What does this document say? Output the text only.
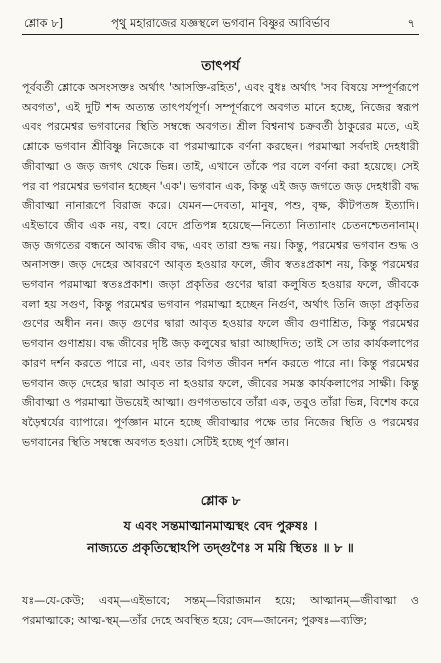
শ্লোক ৮]	পৃথু মহারাজের যজ্ঞস্থলে ভগবান বিষ্ণুর আবির্ভাব	৭
তাৎপর্য

পূর্ববর্তী শ্লোকে অসংসক্তঃ অর্থাৎ 'আসক্তি-রহিত', এবং বুধঃ অর্থাৎ 'সব বিষয়ে সম্পূর্ণরূপে অবগত', এই দুটি শব্দ অত্যন্ত তাৎপর্যপূর্ণ। সম্পূর্ণরূপে অবগত মানে হচ্ছে, নিজের স্বরূপ এবং পরমেশ্বর ভগবানের স্থিতি সম্বন্ধে অবগত। শ্রীল বিশ্বনাথ চক্রবর্তী ঠাকুরের মতে, এই শ্লোকে ভগবান শ্রীবিষ্ণু নিজেকে বা পরমাত্মাকে বর্ণনা করছেন। পরমাত্মা সর্বদাই দেহধারী জীবাত্মা ও জড় জগৎ থেকে ভিন্ন। তাই, এখানে তাঁকে পর বলে বর্ণনা করা হয়েছে। সেই পর বা পরমেশ্বর ভগবান হচ্ছেন 'এক'। ভগবান এক, কিন্তু এই জড় জগতে জড় দেহধারী বদ্ধ জীবাত্মা নানারূপে বিরাজ করে। যেমন—দেবতা, মানুষ, পশু, বৃক্ষ, কীটপতঙ্গ ইত্যাদি। এইভাবে জীব এক নয়, বহু। বেদে প্রতিপন্ন হয়েছে—নিত্যো নিত্যানাং চেতনশ্চেতনানাম্। জড় জগতের বন্ধনে আবদ্ধ জীব বদ্ধ, এবং তারা শুদ্ধ নয়। কিন্তু, পরমেশ্বর ভগবান শুদ্ধ ও অনাসক্ত। জড় দেহের আবরণে আবৃত হওয়ার ফলে, জীব স্বতঃপ্রকাশ নয়, কিন্তু পরমেশ্বর ভগবান পরমাত্মা স্বতঃপ্রকাশ। জড়া প্রকৃতির গুণের দ্বারা কলুষিত হওয়ার ফলে, জীবকে বলা হয় সগুণ, কিন্তু পরমেশ্বর ভগবান পরমাত্মা হচ্ছেন নির্গুণ, অর্থাৎ তিনি জড়া প্রকৃতির গুণের অধীন নন। জড় গুণের দ্বারা আবৃত হওয়ার ফলে জীব গুণাশ্রিত, কিন্তু পরমেশ্বর ভগবান গুণাশ্রয়। বদ্ধ জীবের দৃষ্টি জড় কলুষের দ্বারা আচ্ছাদিত; তাই সে তার কার্যকলাপের কারণ দর্শন করতে পারে না, এবং তার বিগত জীবন দর্শন করতে পারে না। কিন্তু পরমেশ্বর ভগবান জড় দেহের দ্বারা আবৃত না হওয়ার ফলে, জীবের সমস্ত কার্যকলাপের সাক্ষী। কিন্তু জীবাত্মা ও পরমাত্মা উভয়েই আত্মা। গুণগতভাবে তাঁরা এক, তবুও তাঁরা ভিন্ন, বিশেষ করে ষড়ৈশ্বর্যের ব্যাপারে। পূর্ণজ্ঞান মানে হচ্ছে জীবাত্মার পক্ষে তার নিজের স্থিতি ও পরমেশ্বর ভগবানের স্থিতি সম্বন্ধে অবগত হওয়া। সেটিই হচ্ছে পূর্ণ জ্ঞান।

শ্লোক ৮
য এবং সন্তমাত্মানমাত্মস্থং বেদ পুরুষঃ ।
নাজ্যতে প্রকৃতিস্থোঽপি তদ্গুণৈঃ স ময়ি স্থিতঃ ॥ ৮ ॥
যঃ—যে-কেউ; এবম্—এইভাবে; সন্তম্—বিরাজমান হয়ে; আত্মানম্—জীবাত্মা ও পরমাত্মাকে; আত্ম-স্থম্—তাঁর দেহে অবস্থিত হয়ে; বেদ—জানেন; পুরুষঃ—ব্যক্তি;
